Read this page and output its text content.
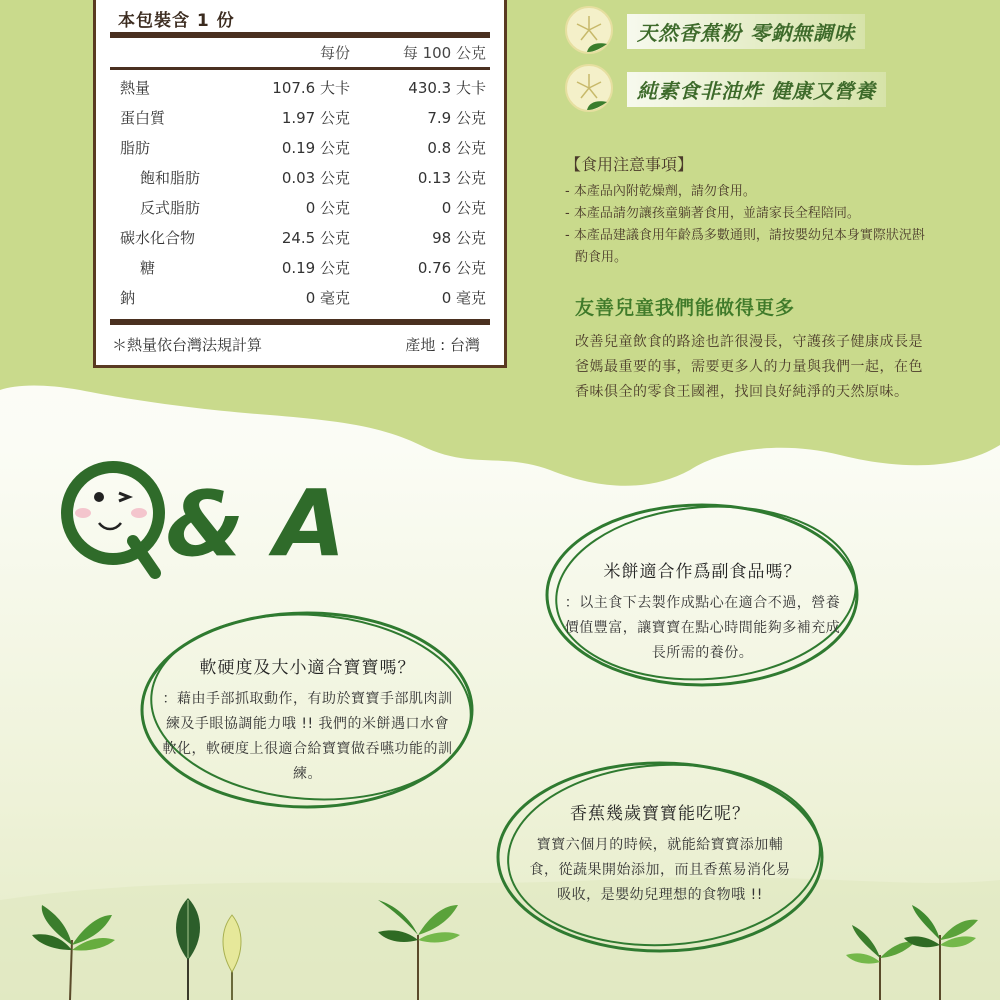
本包裝含 1 份
每份	每 100 公克
熱量	107.6 大卡	430.3 大卡
蛋白質	1.97 公克	7.9 公克
脂肪	0.19 公克	0.8 公克
飽和脂肪	0.03 公克	0.13 公克
反式脂肪	0 公克	0 公克
碳水化合物	24.5 公克	98 公克
糖	0.19 公克	0.76 公克
鈉	0 毫克	0 毫克
＊熱量依台灣法規計算	產地 : 台灣
天然香蕉粉 零鈉無調味
純素食非油炸 健康又營養
【食用注意事項】
- 本產品內附乾燥劑，請勿食用。
- 本產品請勿讓孩童躺著食用，並請家長全程陪同。
- 本產品建議食用年齡爲多數通則，請按嬰幼兒本身實際狀況斟酌食用。
友善兒童我們能做得更多
改善兒童飲食的路途也許很漫長，守護孩子健康成長是爸媽最重要的事，需要更多人的力量與我們一起，在色香味俱全的零食王國裡，找回良好純淨的天然原味。
& A	米餅適合作爲副食品嗎？
：以主食下去製作成點心在適合不過，營養價值豐富，讓寶寶在點心時間能夠多補充成長所需的養份。
軟硬度及大小適合寶寶嗎？
：藉由手部抓取動作，有助於寶寶手部肌肉訓練及手眼協調能力哦 !! 我們的米餅遇口水會軟化，軟硬度上很適合給寶寶做吞嚥功能的訓練。
香蕉幾歲寶寶能吃呢？
寶寶六個月的時候，就能給寶寶添加輔食，從蔬果開始添加，而且香蕉易消化易吸收，是嬰幼兒理想的食物哦 !!
